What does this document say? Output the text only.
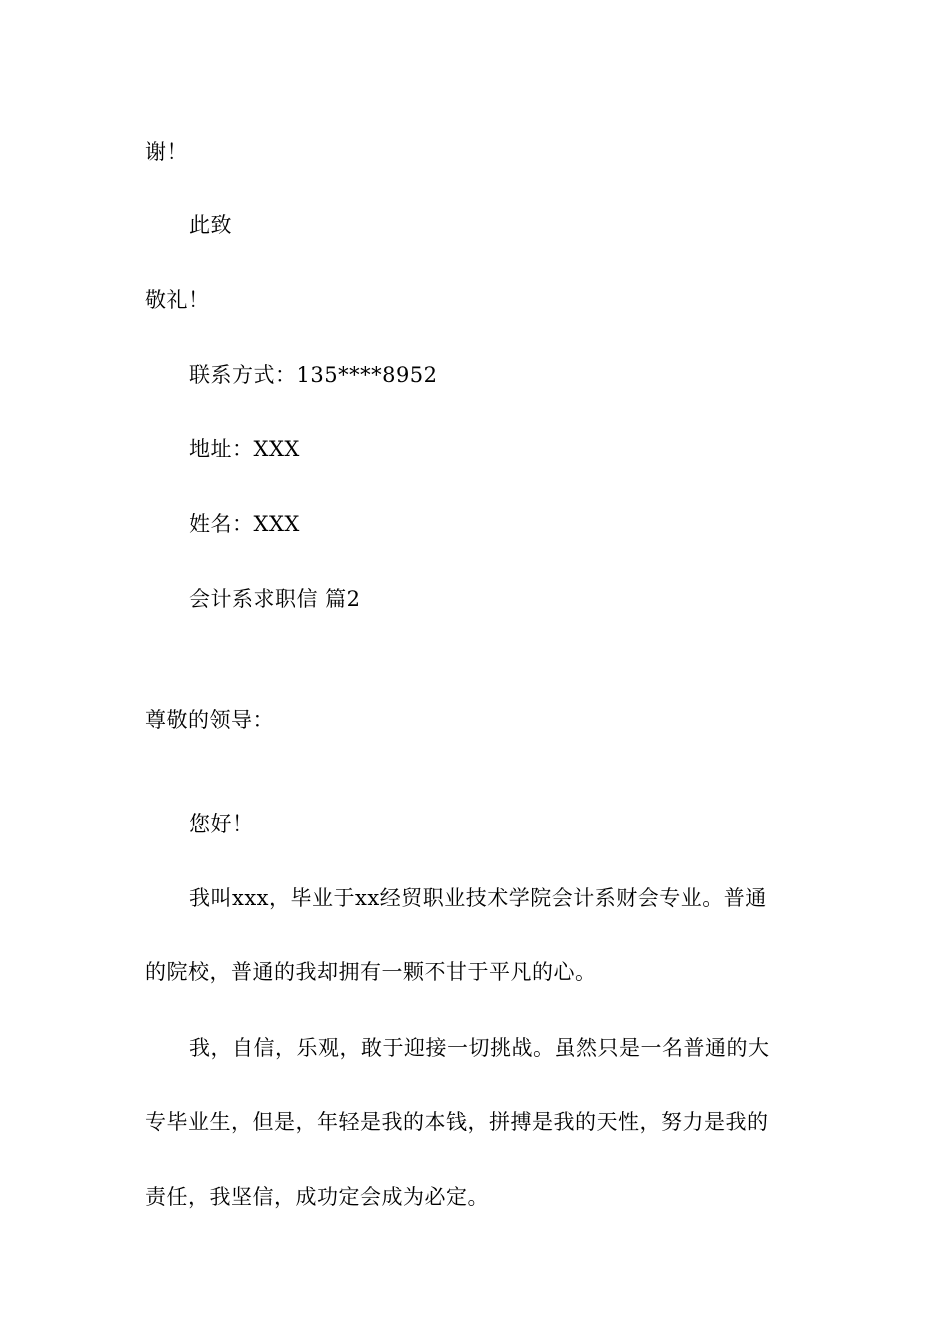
谢！
此致
敬礼！
联系方式：135****8952
地址：XXX
姓名：XXX
会计系求职信 篇2
尊敬的领导：
您好！
我叫xxx，毕业于xx经贸职业技术学院会计系财会专业。普通
的院校，普通的我却拥有一颗不甘于平凡的心。
我，自信，乐观，敢于迎接一切挑战。虽然只是一名普通的大
专毕业生，但是，年轻是我的本钱，拼搏是我的天性，努力是我的
责任，我坚信，成功定会成为必定。
